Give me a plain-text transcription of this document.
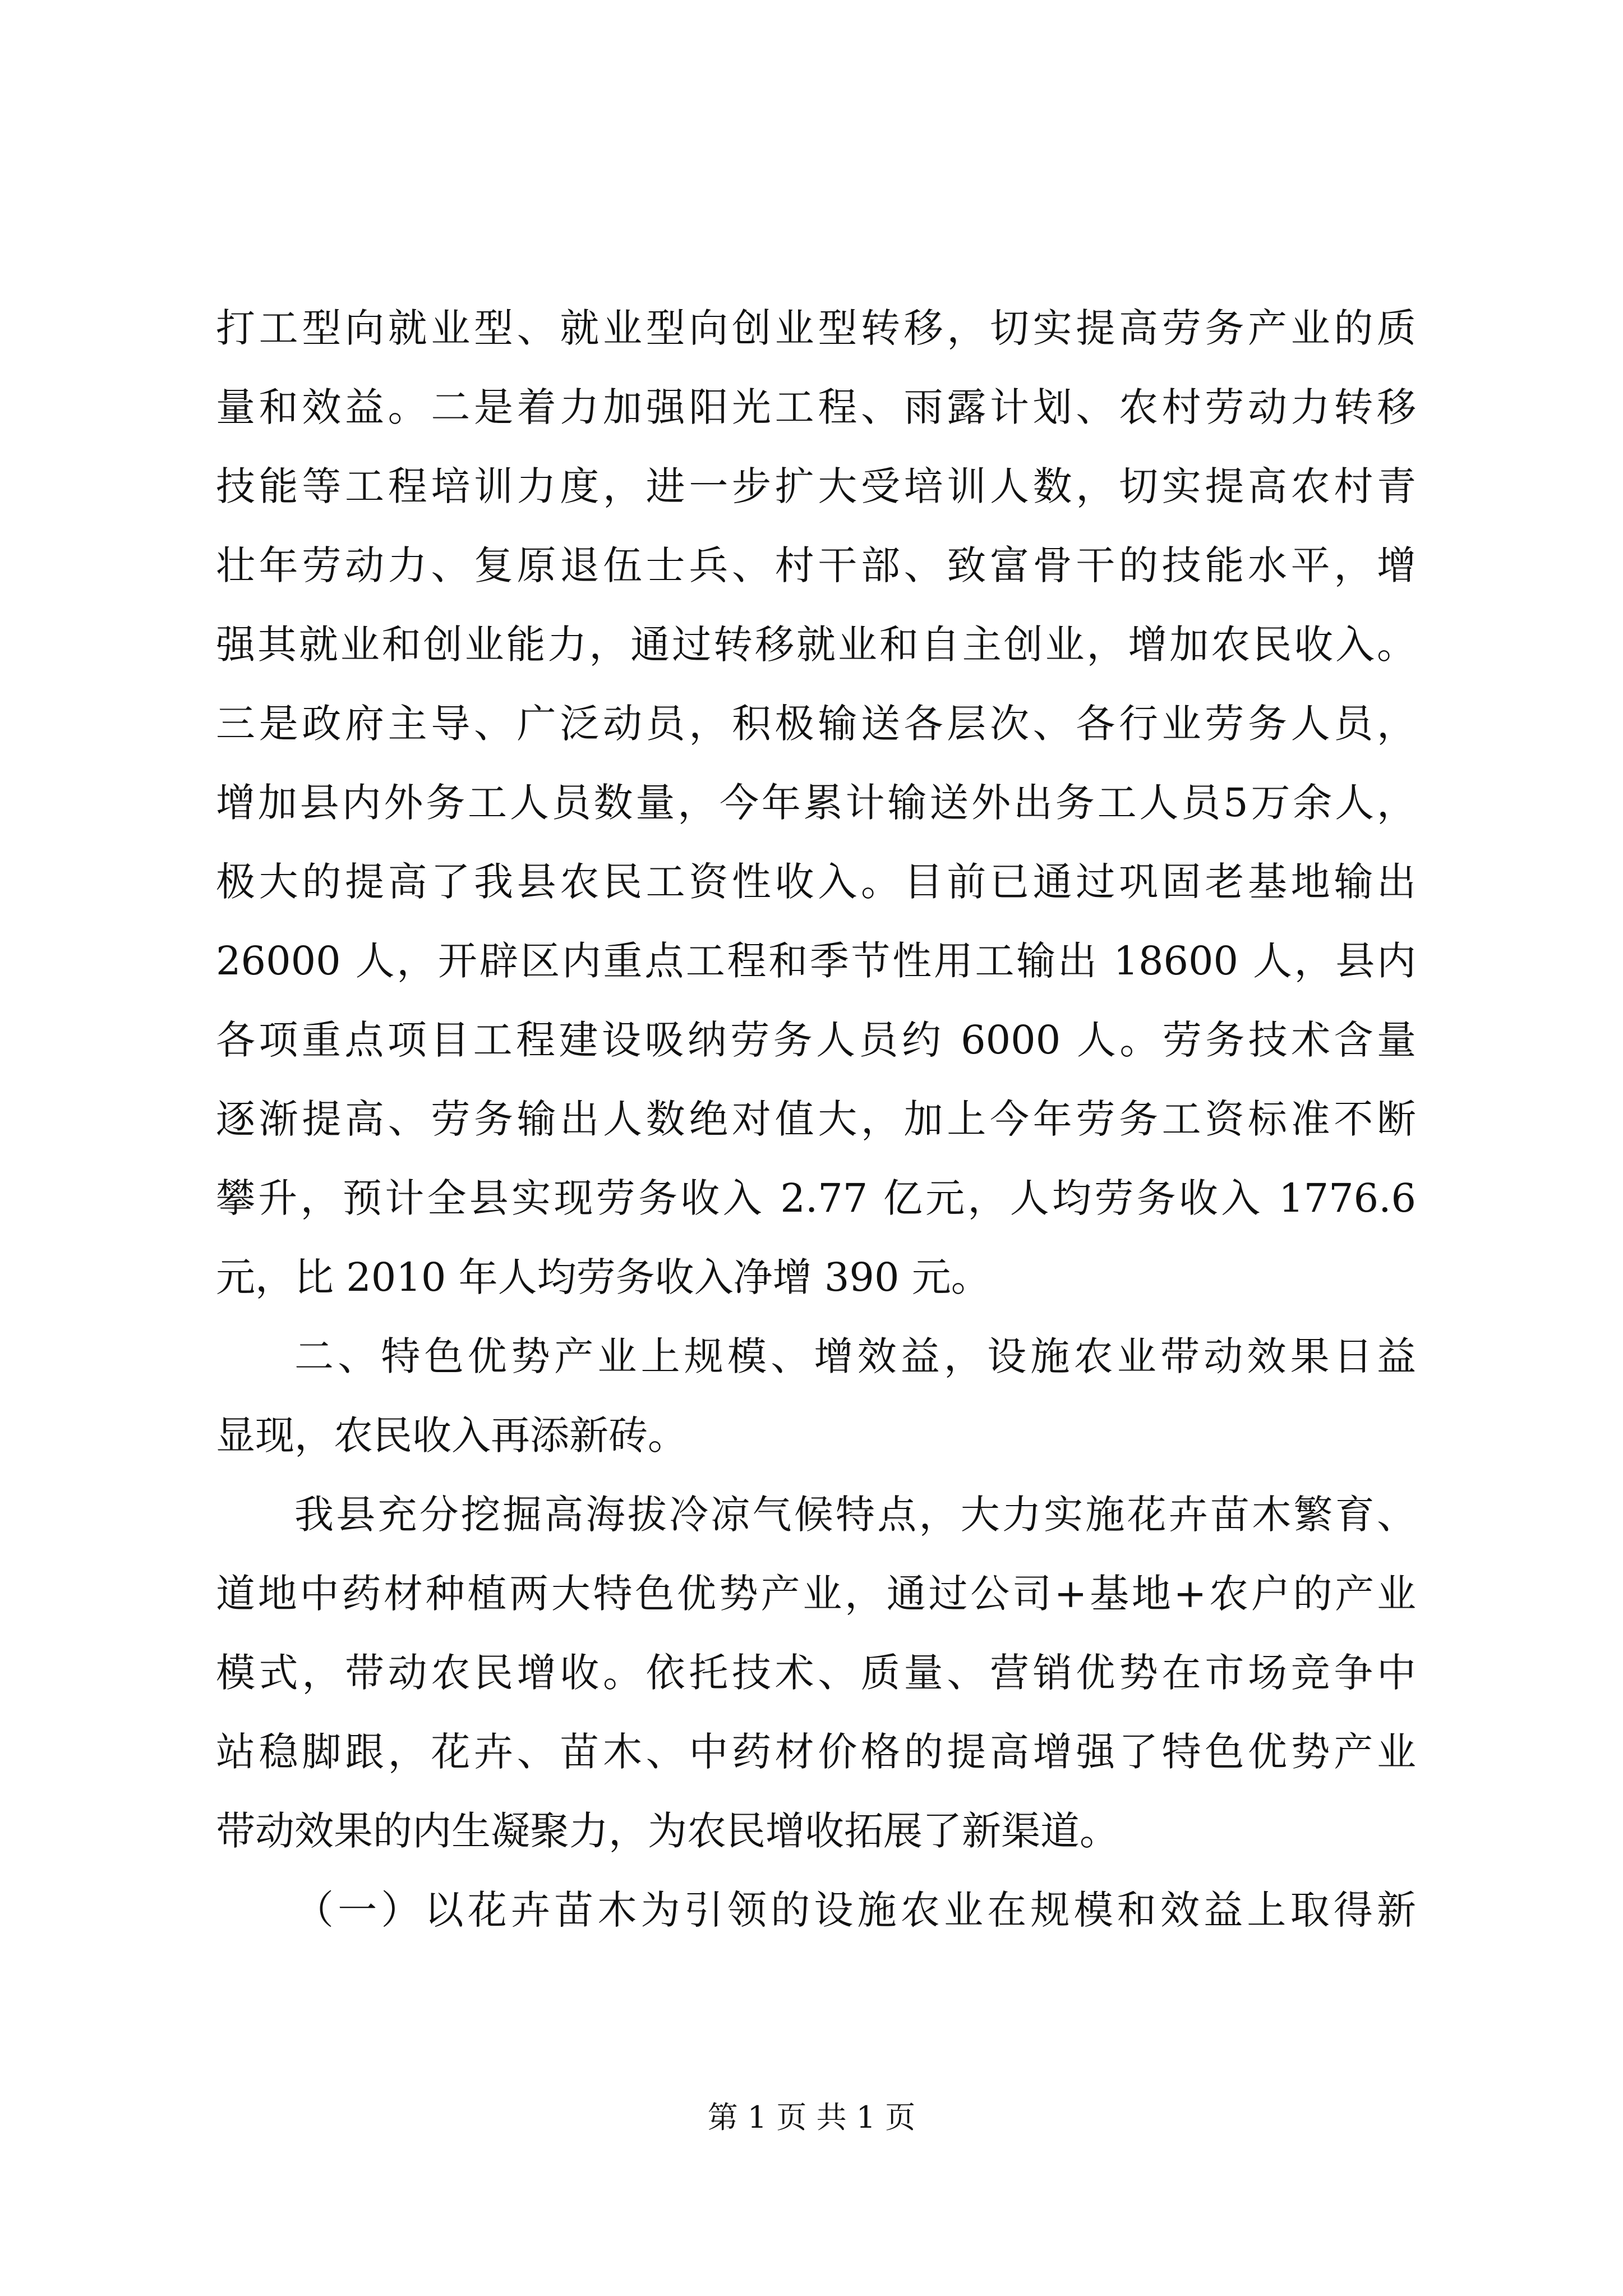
打工型向就业型、就业型向创业型转移，切实提高劳务产业的质
量和效益。二是着力加强阳光工程、雨露计划、农村劳动力转移
技能等工程培训力度，进一步扩大受培训人数，切实提高农村青
壮年劳动力、复原退伍士兵、村干部、致富骨干的技能水平，增
强其就业和创业能力，通过转移就业和自主创业，增加农民收入。
三是政府主导、广泛动员，积极输送各层次、各行业劳务人员，
增加县内外务工人员数量，今年累计输送外出务工人员5万余人，
极大的提高了我县农民工资性收入。目前已通过巩固老基地输出
26000 人，开辟区内重点工程和季节性用工输出 18600 人，县内
各项重点项目工程建设吸纳劳务人员约 6000 人。劳务技术含量
逐渐提高、劳务输出人数绝对值大，加上今年劳务工资标准不断
攀升，预计全县实现劳务收入 2.77 亿元，人均劳务收入 1776.6
元，比 2010 年人均劳务收入净增 390 元。
二、特色优势产业上规模、增效益，设施农业带动效果日益
显现，农民收入再添新砖。
我县充分挖掘高海拔冷凉气候特点，大力实施花卉苗木繁育、
道地中药材种植两大特色优势产业，通过公司+基地+农户的产业
模式，带动农民增收。依托技术、质量、营销优势在市场竞争中
站稳脚跟，花卉、苗木、中药材价格的提高增强了特色优势产业
带动效果的内生凝聚力，为农民增收拓展了新渠道。
（一）以花卉苗木为引领的设施农业在规模和效益上取得新
第 1 页 共 1 页
